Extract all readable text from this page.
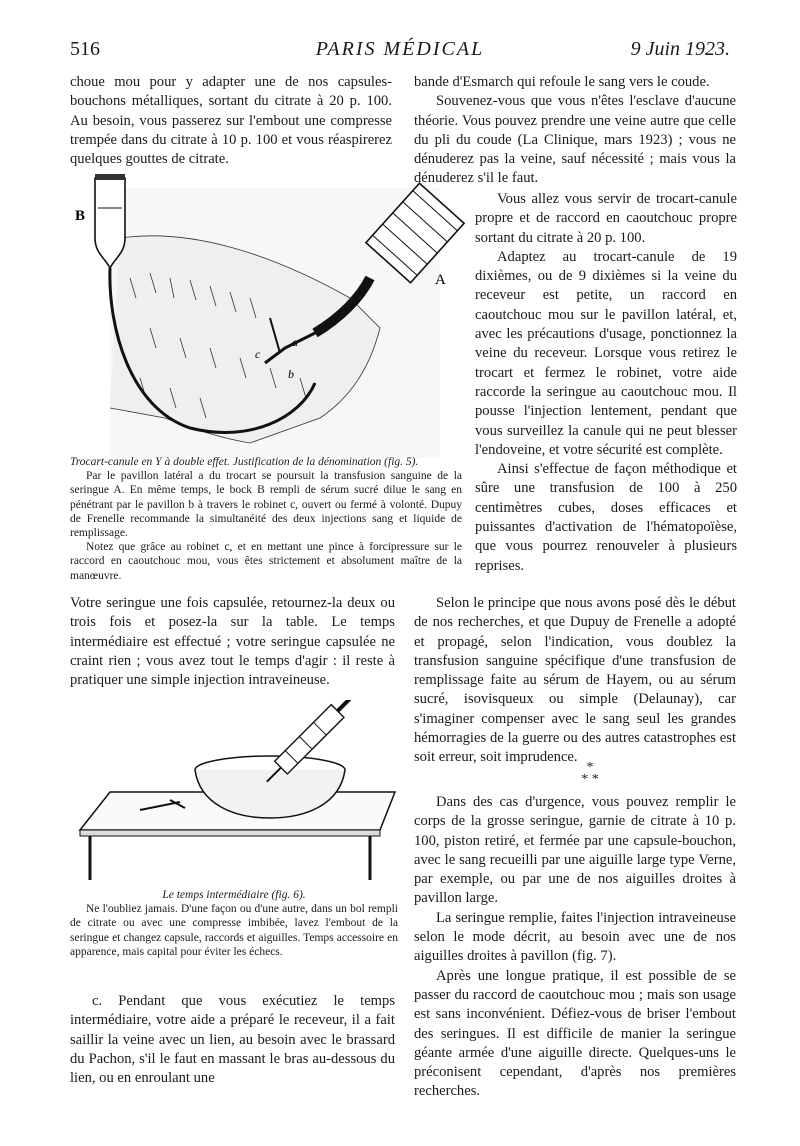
516	PARIS MÉDICAL	9 Juin 1923.

choue mou pour y adapter une de nos capsules-bouchons métalliques, sortant du citrate à 20 p. 100. Au besoin, vous passerez sur l'embout une compresse trempée dans du citrate à 10 p. 100 et vous réaspirerez quelques gouttes de citrate.

B
A
c
a
b

Trocart-canule en Y à double effet. Justification de la dénomination (fig. 5).

Par le pavillon latéral a du trocart se poursuit la transfusion sanguine de la seringue A. En même temps, le bock B rempli de sérum sucré dilue le sang en pénétrant par le pavillon b à travers le robinet c, ouvert ou fermé à volonté. Dupuy de Frenelle recommande la simultanéité des deux injections sang et liquide de remplissage.

Notez que grâce au robinet c, et en mettant une pince à forcipressure sur le raccord en caoutchouc mou, vous êtes strictement et absolument maître de la manœuvre.

Votre seringue une fois capsulée, retournez-la deux ou trois fois et posez-la sur la table. Le temps intermédiaire est effectué ; votre seringue capsulée ne craint rien ; vous avez tout le temps d'agir : il reste à pratiquer une simple injection intraveineuse.

Le temps intermédiaire (fig. 6).

Ne l'oubliez jamais. D'une façon ou d'une autre, dans un bol rempli de citrate ou avec une compresse imbibée, lavez l'embout de la seringue et changez capsule, raccords et aiguilles. Temps accessoire en apparence, mais capital pour éviter les échecs.

c. Pendant que vous exécutiez le temps intermédiaire, votre aide a préparé le receveur, il a fait saillir la veine avec un lien, au besoin avec le brassard du Pachon, s'il le faut en massant le bras au-dessous du lien, ou en enroulant une

bande d'Esmarch qui refoule le sang vers le coude.

Souvenez-vous que vous n'êtes l'esclave d'aucune théorie. Vous pouvez prendre une veine autre que celle du pli du coude (La Clinique, mars 1923) ; vous ne dénuderez pas la veine, sauf nécessité ; mais vous la dénuderez s'il le faut.

Vous allez vous servir de trocart-canule propre et de raccord en caoutchouc propre sortant du citrate à 20 p. 100.

Adaptez au trocart-canule de 19 dixièmes, ou de 9 dixièmes si la veine du receveur est petite, un raccord en caoutchouc mou sur le pavillon latéral, et, avec les précautions d'usage, ponctionnez la veine du receveur. Lorsque vous retirez le trocart et fermez le robinet, votre aide raccorde la seringue au caoutchouc mou. Il pousse l'injection lentement, pendant que vous surveillez la canule qui ne peut blesser l'endoveine, et votre sécurité est complète.

Ainsi s'effectue de façon méthodique et sûre une transfusion de 100 à 250 centimètres cubes, doses efficaces et puissantes d'activation de l'hématopoïèse, que vous pourrez renouveler à plusieurs reprises.

Selon le principe que nous avons posé dès le début de nos recherches, et que Dupuy de Frenelle a adopté et propagé, selon l'indication, vous doublez la transfusion sanguine spécifique d'une transfusion de remplissage faite au sérum de Hayem, ou au sérum sucré, isovisqueux ou simple (Delaunay), car s'imaginer compenser avec le sang seul les grandes hémorragies de la guerre ou des autres catastrophes est soit erreur, soit imprudence.

*
* *

Dans des cas d'urgence, vous pouvez remplir le corps de la grosse seringue, garnie de citrate à 10 p. 100, piston retiré, et fermée par une capsule-bouchon, avec le sang recueilli par une aiguille large type Verne, par exemple, ou par une de nos aiguilles droites à pavillon large.

La seringue remplie, faites l'injection intraveineuse selon le mode décrit, au besoin avec une de nos aiguilles droites à pavillon (fig. 7).

Après une longue pratique, il est possible de se passer du raccord de caoutchouc mou ; mais son usage est sans inconvénient. Défiez-vous de briser l'embout des seringues. Il est difficile de manier la seringue géante armée d'une aiguille directe. Quelques-uns le préconisent cependant, d'après nos premières recherches.
